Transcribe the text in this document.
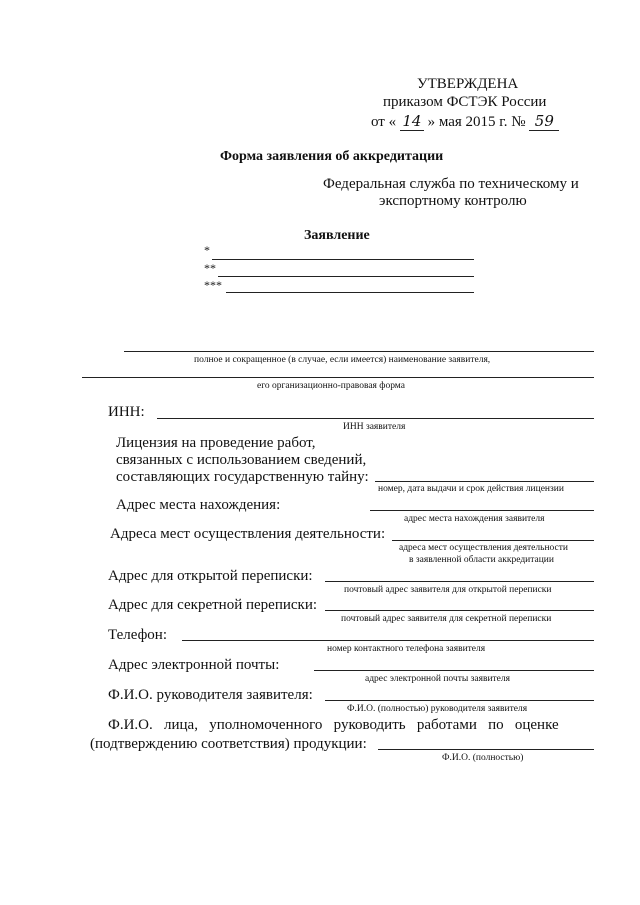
УТВЕРЖДЕНА
приказом ФСТЭК России
от « 14 » мая 2015 г. № 59
Форма заявления об аккредитации
Федеральная служба по техническому и
экспортному контролю
Заявление
*
**
***
полное и сокращенное (в случае, если имеется) наименование заявителя,
его организационно-правовая форма
ИНН:
ИНН заявителя
Лицензия на проведение работ,
связанных с использованием сведений,
составляющих государственную тайну:
номер, дата выдачи и срок действия лицензии
Адрес места нахождения:
адрес места нахождения заявителя
Адреса мест осуществления деятельности:
адреса мест осуществления деятельности
в заявленной области аккредитации
Адрес для открытой переписки:
почтовый адрес заявителя для открытой переписки
Адрес для секретной переписки:
почтовый адрес заявителя для секретной переписки
Телефон:
номер контактного телефона заявителя
Адрес электронной почты:
адрес электронной почты заявителя
Ф.И.О. руководителя заявителя:
Ф.И.О. (полностью) руководителя заявителя
Ф.И.О.   лица,   уполномоченного   руководить   работами   по   оценке
(подтверждению соответствия) продукции:
Ф.И.О. (полностью)
